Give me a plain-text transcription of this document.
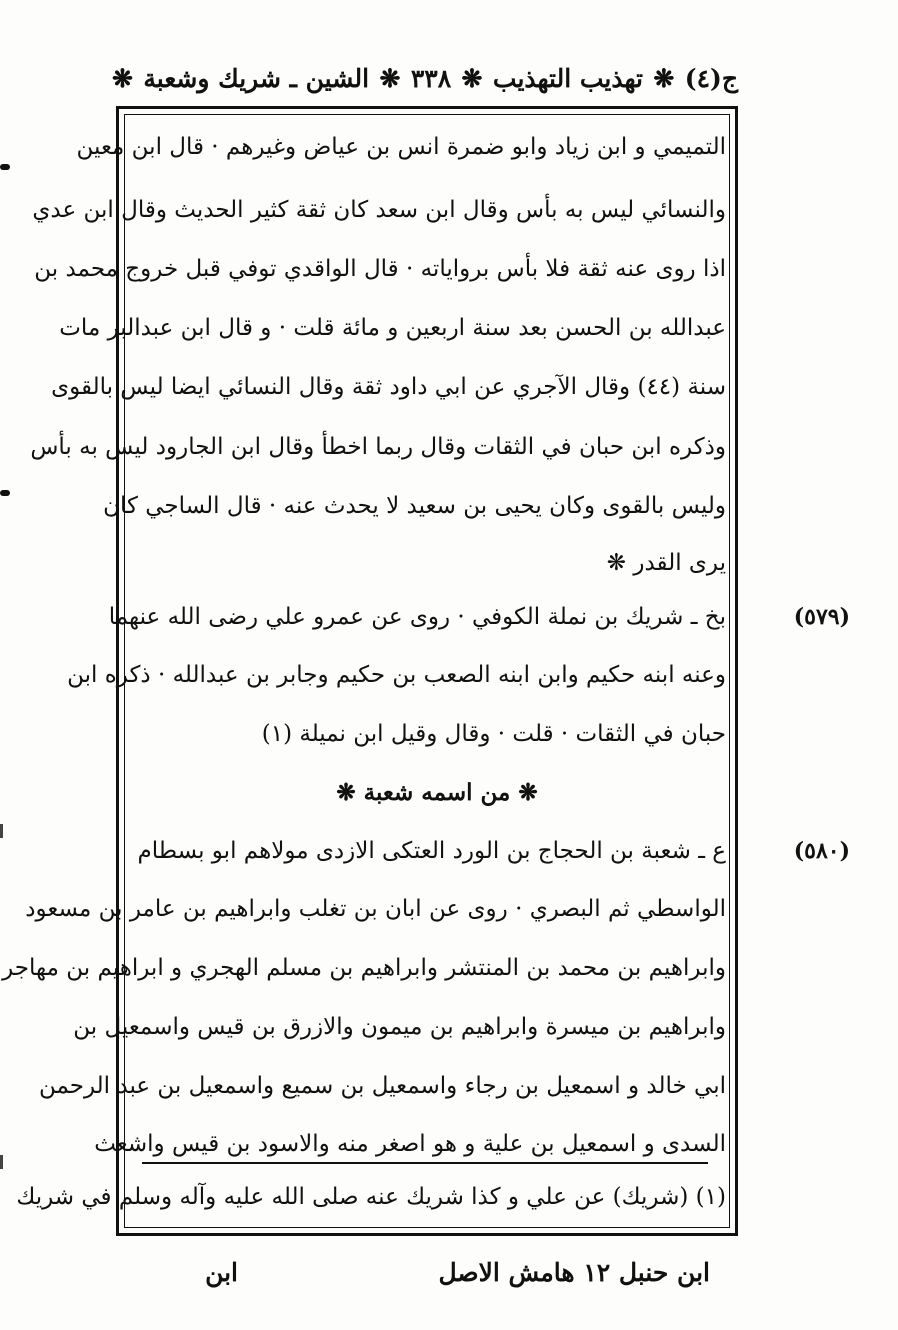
ج(٤)
❋
تهذيب التهذيب
❋
٣٣٨
❋
الشين ـ شريك وشعبة
❋
التميمي و ابن زياد وابو ضمرة انس بن عياض وغيرهم · قال ابن معين
والنسائي ليس به بأس وقال ابن سعد كان ثقة كثير الحديث وقال ابن عدي
اذا روى عنه ثقة فلا بأس برواياته · قال الواقدي توفي قبل خروج محمد بن
عبدالله بن الحسن بعد سنة اربعين و مائة قلت · و قال ابن عبدالبر مات
سنة (٤٤) وقال الآجري عن ابي داود ثقة وقال النسائي ايضا ليس بالقوى
وذكره ابن حبان في الثقات وقال ربما اخطأ وقال ابن الجارود ليس به بأس
وليس بالقوى وكان يحيى بن سعيد لا يحدث عنه · قال الساجي كان
يرى القدر ❋
(٥٧٩)
بخ ـ شريك بن نملة الكوفي · روى عن عمرو علي رضى الله عنهما
وعنه ابنه حكيم وابن ابنه الصعب بن حكيم وجابر بن عبدالله · ذكره ابن
حبان في الثقات · قلت · وقال وقيل ابن نميلة (١)
❋ من اسمه شعبة ❋
(٥٨٠)
ع ـ شعبة بن الحجاج بن الورد العتكى الازدى مولاهم ابو بسطام
الواسطي ثم البصري · روى عن ابان بن تغلب وابراهيم بن عامر بن مسعود
وابراهيم بن محمد بن المنتشر وابراهيم بن مسلم الهجري و ابراهيم بن مهاجر
وابراهيم بن ميسرة وابراهيم بن ميمون والازرق بن قيس واسمعيل بن
ابي خالد و اسمعيل بن رجاء واسمعيل بن سميع واسمعيل بن عبد الرحمن
السدى و اسمعيل بن علية و هو اصغر منه والاسود بن قيس واشعث
(١) (شريك) عن علي و كذا شريك عنه صلى الله عليه وآله وسلم في شريك
ابن حنبل ١٢ هامش الاصل
ابن
